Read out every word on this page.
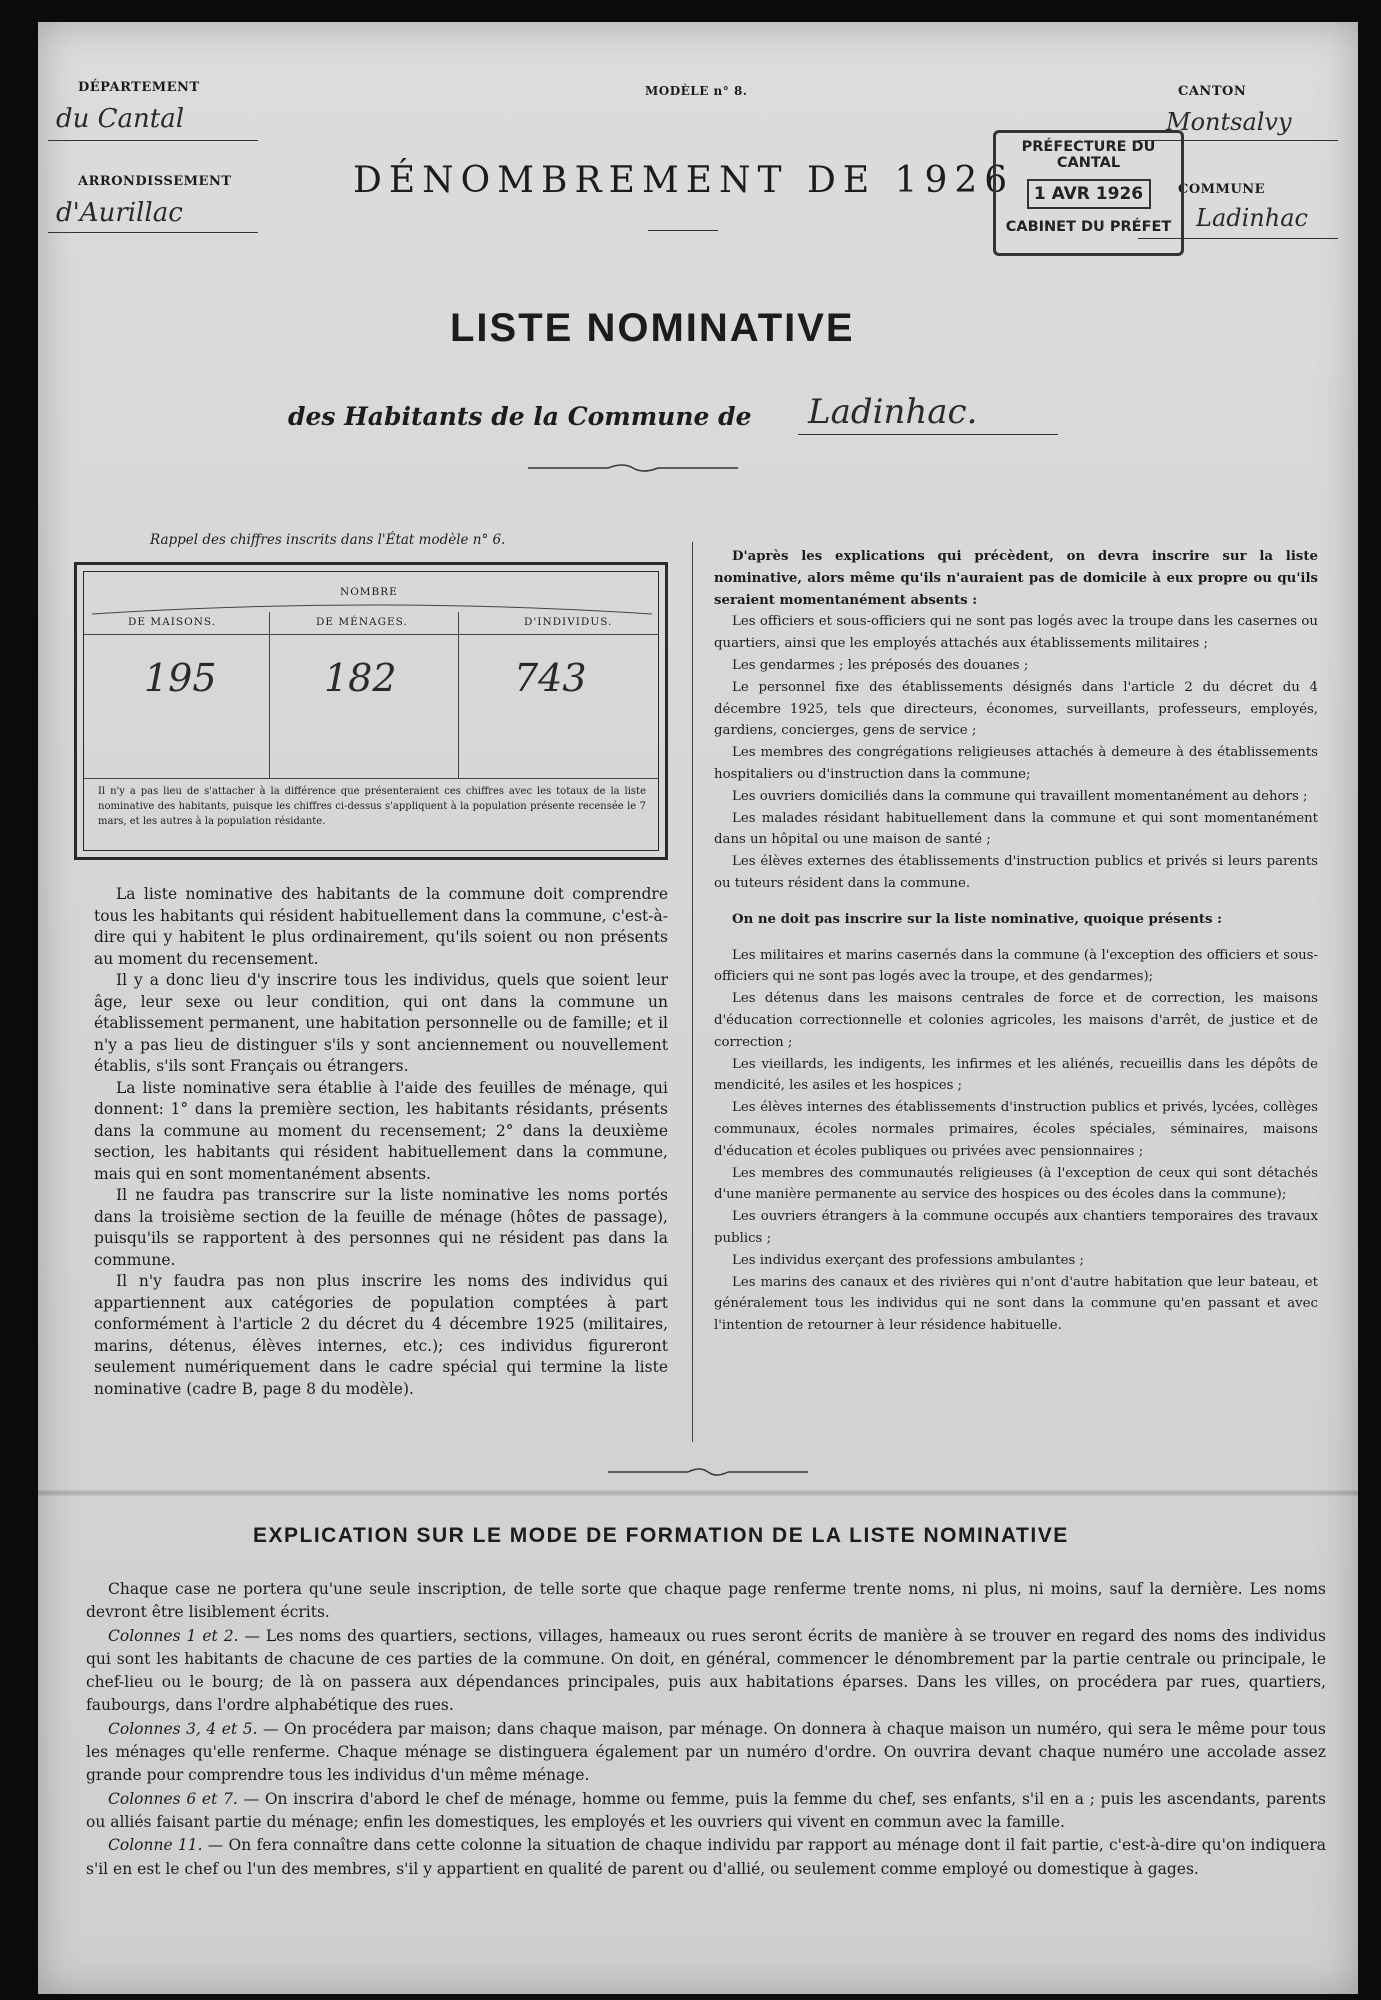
DÉPARTEMENT
du Cantal
ARRONDISSEMENT
d'Aurillac
MODÈLE n° 8.
DÉNOMBREMENT DE 1926
CANTON
Montsalvy
COMMUNE
Ladinhac
PRÉFECTURE DU CANTAL
1 AVR 1926
CABINET DU PRÉFET
LISTE NOMINATIVE
des Habitants de la Commune de Ladinhac.
Rappel des chiffres inscrits dans l'État modèle n° 6.
NOMBRE
DE MAISONS.	DE MÉNAGES.	D'INDIVIDUS.
195	182	743
Il n'y a pas lieu de s'attacher à la différence que présenteraient ces chiffres avec les totaux de la liste nominative des habitants, puisque les chiffres ci-dessus s'appliquent à la population présente recensée le 7 mars, et les autres à la population résidante.

La liste nominative des habitants de la commune doit comprendre tous les habitants qui résident habituellement dans la commune, c'est-à-dire qui y habitent le plus ordinairement, qu'ils soient ou non présents au moment du recensement.

Il y a donc lieu d'y inscrire tous les individus, quels que soient leur âge, leur sexe ou leur condition, qui ont dans la commune un établissement permanent, une habitation personnelle ou de famille; et il n'y a pas lieu de distinguer s'ils y sont anciennement ou nouvellement établis, s'ils sont Français ou étrangers.

La liste nominative sera établie à l'aide des feuilles de ménage, qui donnent: 1° dans la première section, les habitants résidants, présents dans la commune au moment du recensement; 2° dans la deuxième section, les habitants qui résident habituellement dans la commune, mais qui en sont momentanément absents.

Il ne faudra pas transcrire sur la liste nominative les noms portés dans la troisième section de la feuille de ménage (hôtes de passage), puisqu'ils se rapportent à des personnes qui ne résident pas dans la commune.

Il n'y faudra pas non plus inscrire les noms des individus qui appartiennent aux catégories de population comptées à part conformément à l'article 2 du décret du 4 décembre 1925 (militaires, marins, détenus, élèves internes, etc.); ces individus figureront seulement numériquement dans le cadre spécial qui termine la liste nominative (cadre B, page 8 du modèle).

D'après les explications qui précèdent, on devra inscrire sur la liste nominative, alors même qu'ils n'auraient pas de domicile à eux propre ou qu'ils seraient momentanément absents :

Les officiers et sous-officiers qui ne sont pas logés avec la troupe dans les casernes ou quartiers, ainsi que les employés attachés aux établissements militaires ;

Les gendarmes ; les préposés des douanes ;

Le personnel fixe des établissements désignés dans l'article 2 du décret du 4 décembre 1925, tels que directeurs, économes, surveillants, professeurs, employés, gardiens, concierges, gens de service ;

Les membres des congrégations religieuses attachés à demeure à des établissements hospitaliers ou d'instruction dans la commune;

Les ouvriers domiciliés dans la commune qui travaillent momentanément au dehors ;

Les malades résidant habituellement dans la commune et qui sont momentanément dans un hôpital ou une maison de santé ;

Les élèves externes des établissements d'instruction publics et privés si leurs parents ou tuteurs résident dans la commune.

On ne doit pas inscrire sur la liste nominative, quoique présents :

Les militaires et marins casernés dans la commune (à l'exception des officiers et sous-officiers qui ne sont pas logés avec la troupe, et des gendarmes);

Les détenus dans les maisons centrales de force et de correction, les maisons d'éducation correctionnelle et colonies agricoles, les maisons d'arrêt, de justice et de correction ;

Les vieillards, les indigents, les infirmes et les aliénés, recueillis dans les dépôts de mendicité, les asiles et les hospices ;

Les élèves internes des établissements d'instruction publics et privés, lycées, collèges communaux, écoles normales primaires, écoles spéciales, séminaires, maisons d'éducation et écoles publiques ou privées avec pensionnaires ;

Les membres des communautés religieuses (à l'exception de ceux qui sont détachés d'une manière permanente au service des hospices ou des écoles dans la commune);

Les ouvriers étrangers à la commune occupés aux chantiers temporaires des travaux publics ;

Les individus exerçant des professions ambulantes ;

Les marins des canaux et des rivières qui n'ont d'autre habitation que leur bateau, et généralement tous les individus qui ne sont dans la commune qu'en passant et avec l'intention de retourner à leur résidence habituelle.

EXPLICATION SUR LE MODE DE FORMATION DE LA LISTE NOMINATIVE

Chaque case ne portera qu'une seule inscription, de telle sorte que chaque page renferme trente noms, ni plus, ni moins, sauf la dernière. Les noms devront être lisiblement écrits.

Colonnes 1 et 2. — Les noms des quartiers, sections, villages, hameaux ou rues seront écrits de manière à se trouver en regard des noms des individus qui sont les habitants de chacune de ces parties de la commune. On doit, en général, commencer le dénombrement par la partie centrale ou principale, le chef-lieu ou le bourg; de là on passera aux dépendances principales, puis aux habitations éparses. Dans les villes, on procédera par rues, quartiers, faubourgs, dans l'ordre alphabétique des rues.

Colonnes 3, 4 et 5. — On procédera par maison; dans chaque maison, par ménage. On donnera à chaque maison un numéro, qui sera le même pour tous les ménages qu'elle renferme. Chaque ménage se distinguera également par un numéro d'ordre. On ouvrira devant chaque numéro une accolade assez grande pour comprendre tous les individus d'un même ménage.

Colonnes 6 et 7. — On inscrira d'abord le chef de ménage, homme ou femme, puis la femme du chef, ses enfants, s'il en a ; puis les ascendants, parents ou alliés faisant partie du ménage; enfin les domestiques, les employés et les ouvriers qui vivent en commun avec la famille.

Colonne 11. — On fera connaître dans cette colonne la situation de chaque individu par rapport au ménage dont il fait partie, c'est-à-dire qu'on indiquera s'il en est le chef ou l'un des membres, s'il y appartient en qualité de parent ou d'allié, ou seulement comme employé ou domestique à gages.
